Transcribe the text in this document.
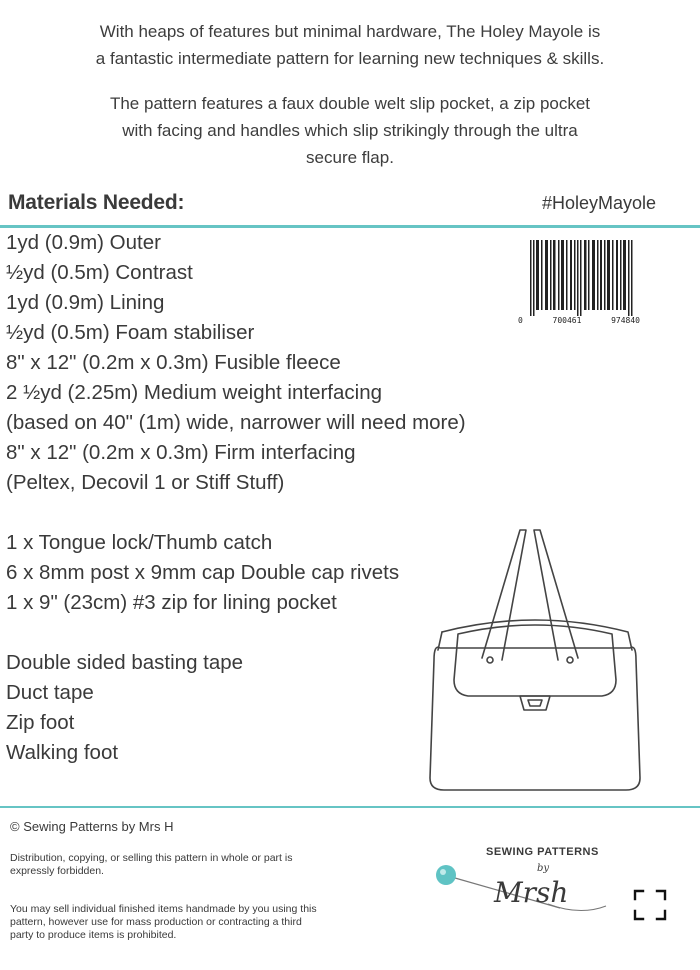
With heaps of features but minimal hardware, The Holey Mayole is

a fantastic intermediate pattern for learning new techniques & skills.

The pattern features a faux double welt slip pocket, a zip pocket

with facing and handles which slip strikingly through the ultra

secure flap.

Materials Needed:	#HoleyMayole
1yd (0.9m) Outer
½yd (0.5m) Contrast
1yd (0.9m) Lining
½yd (0.5m) Foam stabiliser
8" x 12" (0.2m x 0.3m) Fusible fleece
2 ½yd (2.25m) Medium weight interfacing
(based on 40" (1m) wide, narrower will need more)
8" x 12" (0.2m x 0.3m) Firm interfacing
(Peltex, Decovil 1 or Stiff Stuff)
1 x Tongue lock/Thumb catch
6 x 8mm post x 9mm cap Double cap rivets
1 x 9" (23cm) #3 zip for lining pocket
Double sided basting tape
Duct tape
Zip foot
Walking foot
0	700461	974840
© Sewing Patterns by Mrs H
Distribution, copying, or selling this pattern in whole or part is
expressly forbidden.
You may sell individual finished items handmade by you using this
pattern, however use for mass production or contracting a third
party to produce items is prohibited.
SEWING PATTERNS
by
Mrsh
